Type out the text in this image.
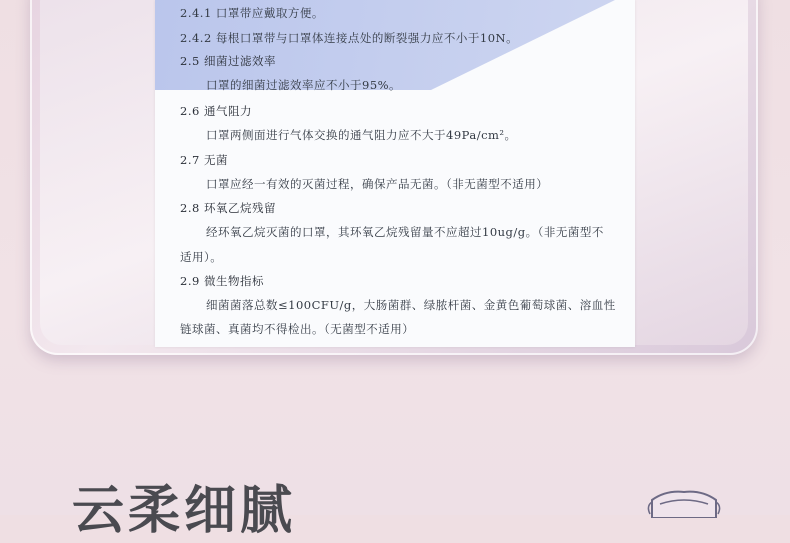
2.4.1 口罩带应戴取方便。
2.4.2 每根口罩带与口罩体连接点处的断裂强力应不小于10N。
2.5 细菌过滤效率
口罩的细菌过滤效率应不小于95%。
2.6 通气阻力
口罩两侧面进行气体交换的通气阻力应不大于49Pa/cm²。
2.7 无菌
口罩应经一有效的灭菌过程，确保产品无菌。（非无菌型不适用）
2.8 环氧乙烷残留
经环氧乙烷灭菌的口罩，其环氧乙烷残留量不应超过10ug/g。（非无菌型不
适用）。
2.9 微生物指标
细菌菌落总数≤100CFU/g，大肠菌群、绿脓杆菌、金黄色葡萄球菌、溶血性
链球菌、真菌均不得检出。（无菌型不适用）
云柔细腻
